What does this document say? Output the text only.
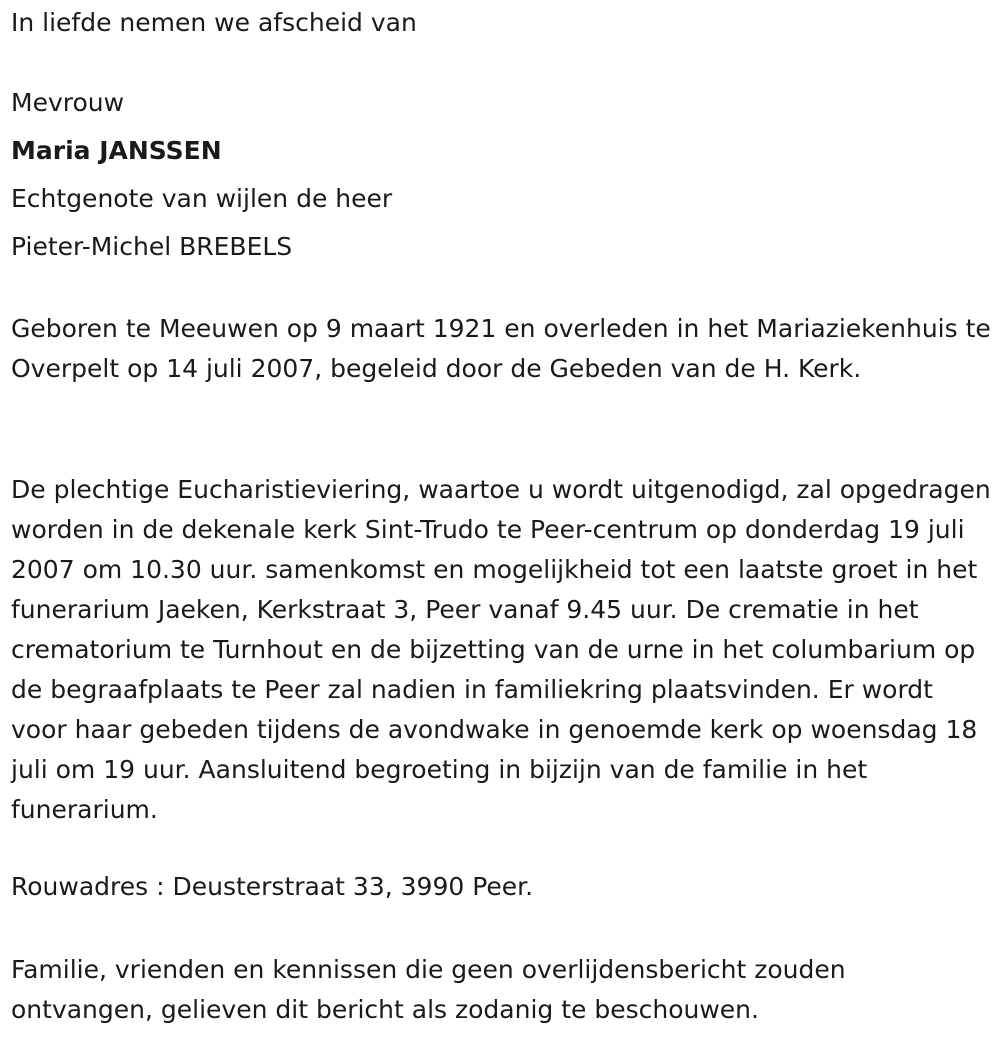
In liefde nemen we afscheid van
Mevrouw
Maria JANSSEN
Echtgenote van wijlen de heer
Pieter-Michel BREBELS

Geboren te Meeuwen op 9 maart 1921 en overleden in het Mariaziekenhuis te Overpelt op 14 juli 2007, begeleid door de Gebeden van de H. Kerk.

De plechtige Eucharistieviering, waartoe u wordt uitgenodigd, zal opgedragen worden in de dekenale kerk Sint-Trudo te Peer-centrum op donderdag 19 juli 2007 om 10.30 uur. samenkomst en mogelijkheid tot een laatste groet in het funerarium Jaeken, Kerkstraat 3, Peer vanaf 9.45 uur. De crematie in het crematorium te Turnhout en de bijzetting van de urne in het columbarium op de begraafplaats te Peer zal nadien in familiekring plaatsvinden. Er wordt voor haar gebeden tijdens de avondwake in genoemde kerk op woensdag 18 juli om 19 uur. Aansluitend begroeting in bijzijn van de familie in het funerarium.

Rouwadres : Deusterstraat 33, 3990 Peer.

Familie, vrienden en kennissen die geen overlijdensbericht zouden ontvangen, gelieven dit bericht als zodanig te beschouwen.
